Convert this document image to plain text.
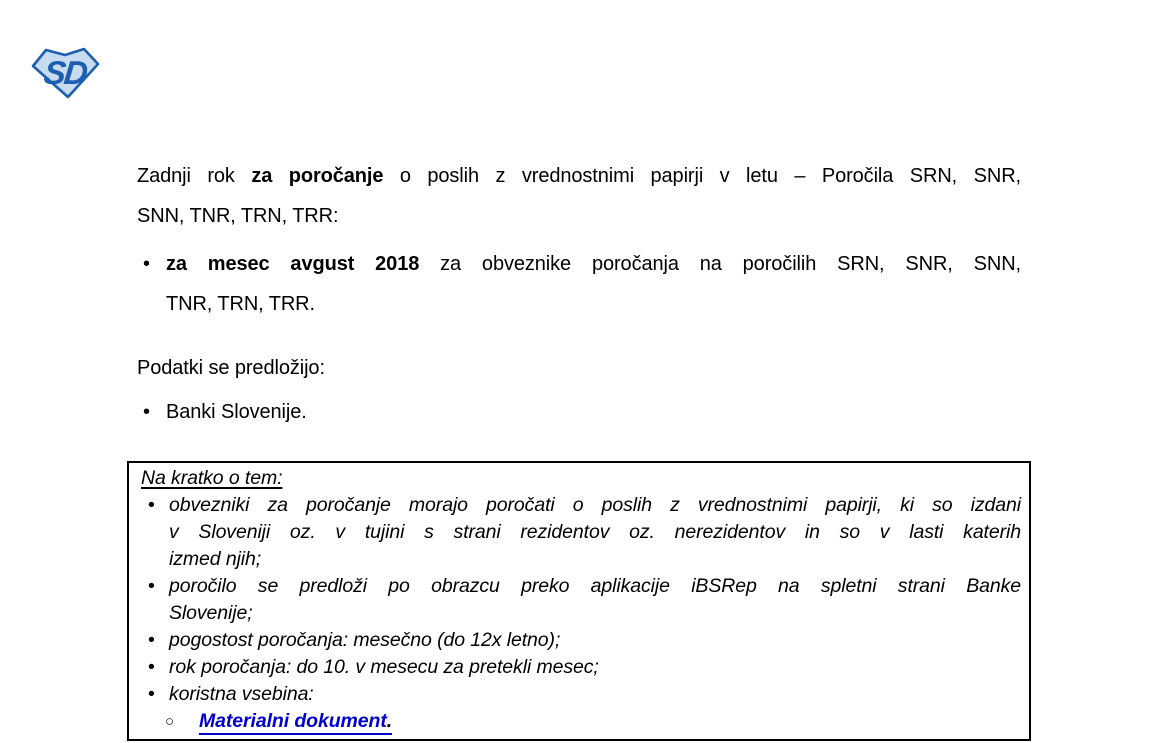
SD
Zadnji rok za poročanje o poslih z vrednostnimi papirji v letu – Poročila SRN, SNR,
SNN, TNR, TRN, TRR:
• za mesec avgust 2018 za obveznike poročanja na poročilih SRN, SNR, SNN,
TNR, TRN, TRR.
Podatki se predložijo:
• Banki Slovenije.
Na kratko o tem:
• obvezniki za poročanje morajo poročati o poslih z vrednostnimi papirji, ki so izdani
v Sloveniji oz. v tujini s strani rezidentov oz. nerezidentov in so v lasti katerih
izmed njih;
• poročilo se predloži po obrazcu preko aplikacije iBSRep na spletni strani Banke
Slovenije;
• pogostost poročanja: mesečno (do 12x letno);
• rok poročanja: do 10. v mesecu za pretekli mesec;
• koristna vsebina:
○ Materialni dokument.
